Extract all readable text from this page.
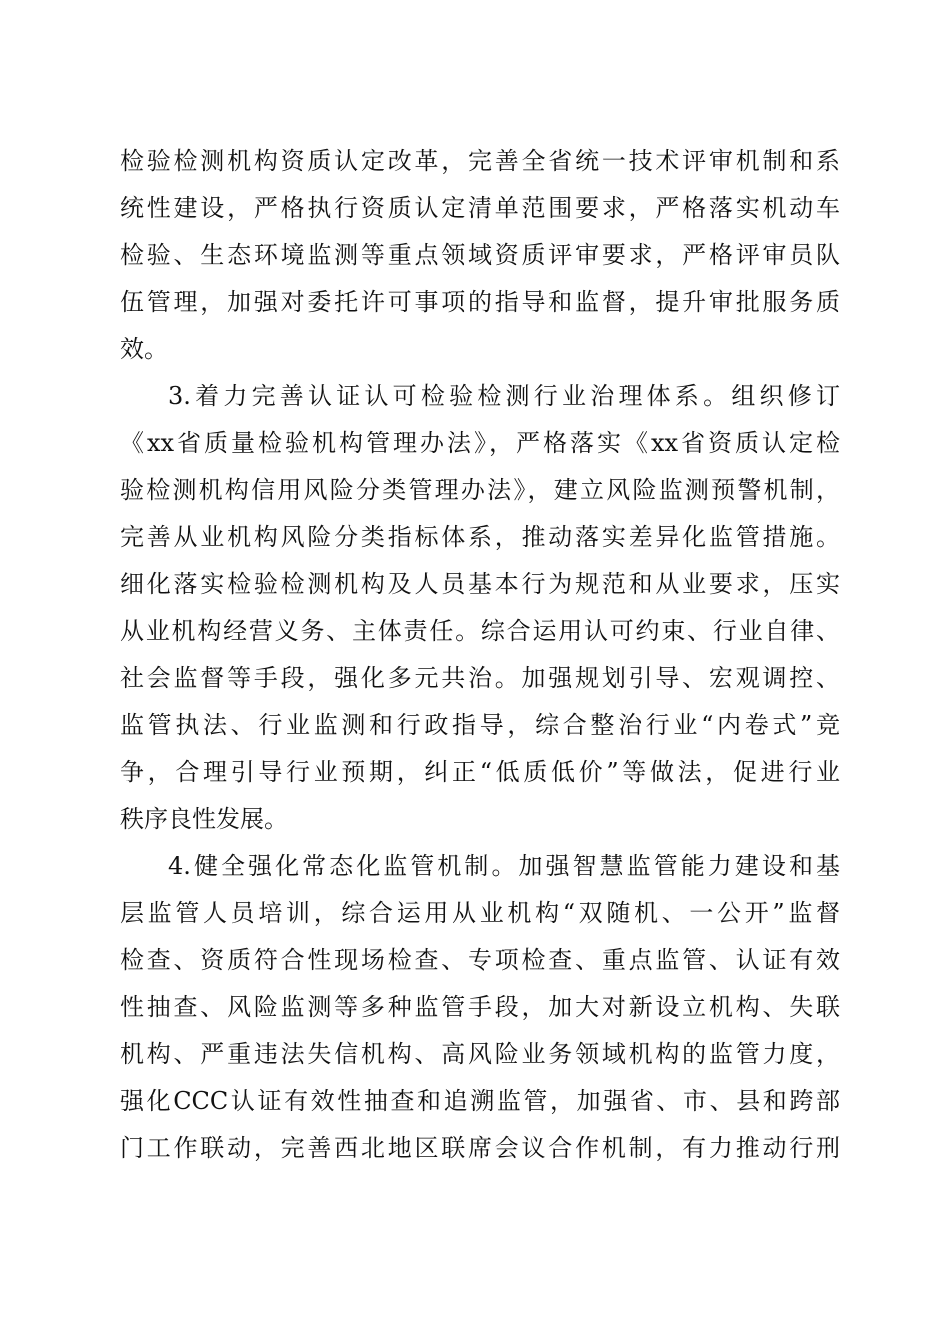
检验检测机构资质认定改革，完善全省统一技术评审机制和系
统性建设，严格执行资质认定清单范围要求，严格落实机动车
检验、生态环境监测等重点领域资质评审要求，严格评审员队
伍管理，加强对委托许可事项的指导和监督，提升审批服务质
效。
3.着力完善认证认可检验检测行业治理体系。组织修订
《xx省质量检验机构管理办法》，严格落实《xx省资质认定检
验检测机构信用风险分类管理办法》，建立风险监测预警机制，
完善从业机构风险分类指标体系，推动落实差异化监管措施。
细化落实检验检测机构及人员基本行为规范和从业要求，压实
从业机构经营义务、主体责任。综合运用认可约束、行业自律、
社会监督等手段，强化多元共治。加强规划引导、宏观调控、
监管执法、行业监测和行政指导，综合整治行业“内卷式”竞
争，合理引导行业预期，纠正“低质低价”等做法，促进行业
秩序良性发展。
4.健全强化常态化监管机制。加强智慧监管能力建设和基
层监管人员培训，综合运用从业机构“双随机、一公开”监督
检查、资质符合性现场检查、专项检查、重点监管、认证有效
性抽查、风险监测等多种监管手段，加大对新设立机构、失联
机构、严重违法失信机构、高风险业务领域机构的监管力度，
强化CCC认证有效性抽查和追溯监管，加强省、市、县和跨部
门工作联动，完善西北地区联席会议合作机制，有力推动行刑
